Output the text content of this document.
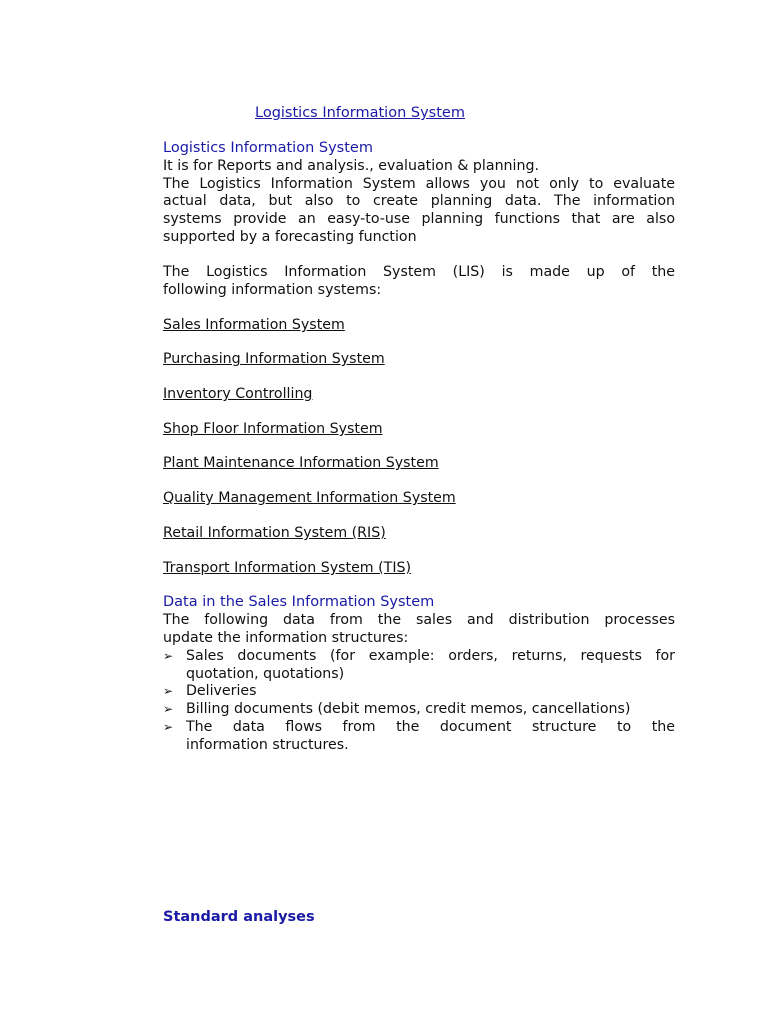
Logistics Information System
Logistics Information System
It is for Reports and analysis., evaluation & planning.
The Logistics Information System allows you not only to evaluate
actual data, but also to create planning data. The information
systems provide an easy-to-use planning functions that are also
supported by a forecasting function
The Logistics Information System (LIS) is made up of the
following information systems:
Sales Information System
Purchasing Information System
Inventory Controlling
Shop Floor Information System
Plant Maintenance Information System
Quality Management Information System
Retail Information System (RIS)
Transport Information System (TIS)
Data in the Sales Information System
The following data from the sales and distribution processes
update the information structures:
➢ Sales documents (for example: orders, returns, requests for
quotation, quotations)
➢ Deliveries
➢ Billing documents (debit memos, credit memos, cancellations)
➢ The data flows from the document structure to the
information structures.
Standard analyses
